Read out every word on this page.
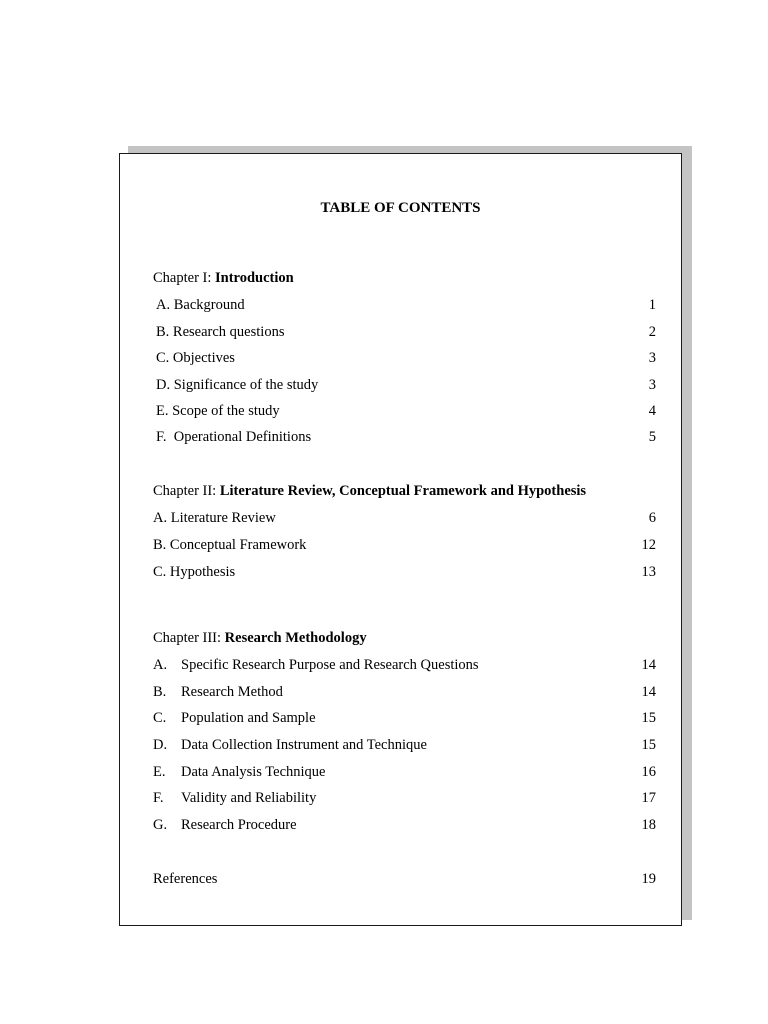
TABLE OF CONTENTS
Chapter I: Introduction
A. Background	1
B. Research questions	2
C. Objectives	3
D. Significance of the study	3
E. Scope of the study	4
F.  Operational Definitions	5
Chapter II: Literature Review, Conceptual Framework and Hypothesis
A. Literature Review	6
B. Conceptual Framework	12
C. Hypothesis	13
Chapter III: Research Methodology
A. Specific Research Purpose and Research Questions	14
B. Research Method	14
C. Population and Sample	15
D. Data Collection Instrument and Technique	15
E. Data Analysis Technique	16
F. Validity and Reliability	17
G. Research Procedure	18
References	19
